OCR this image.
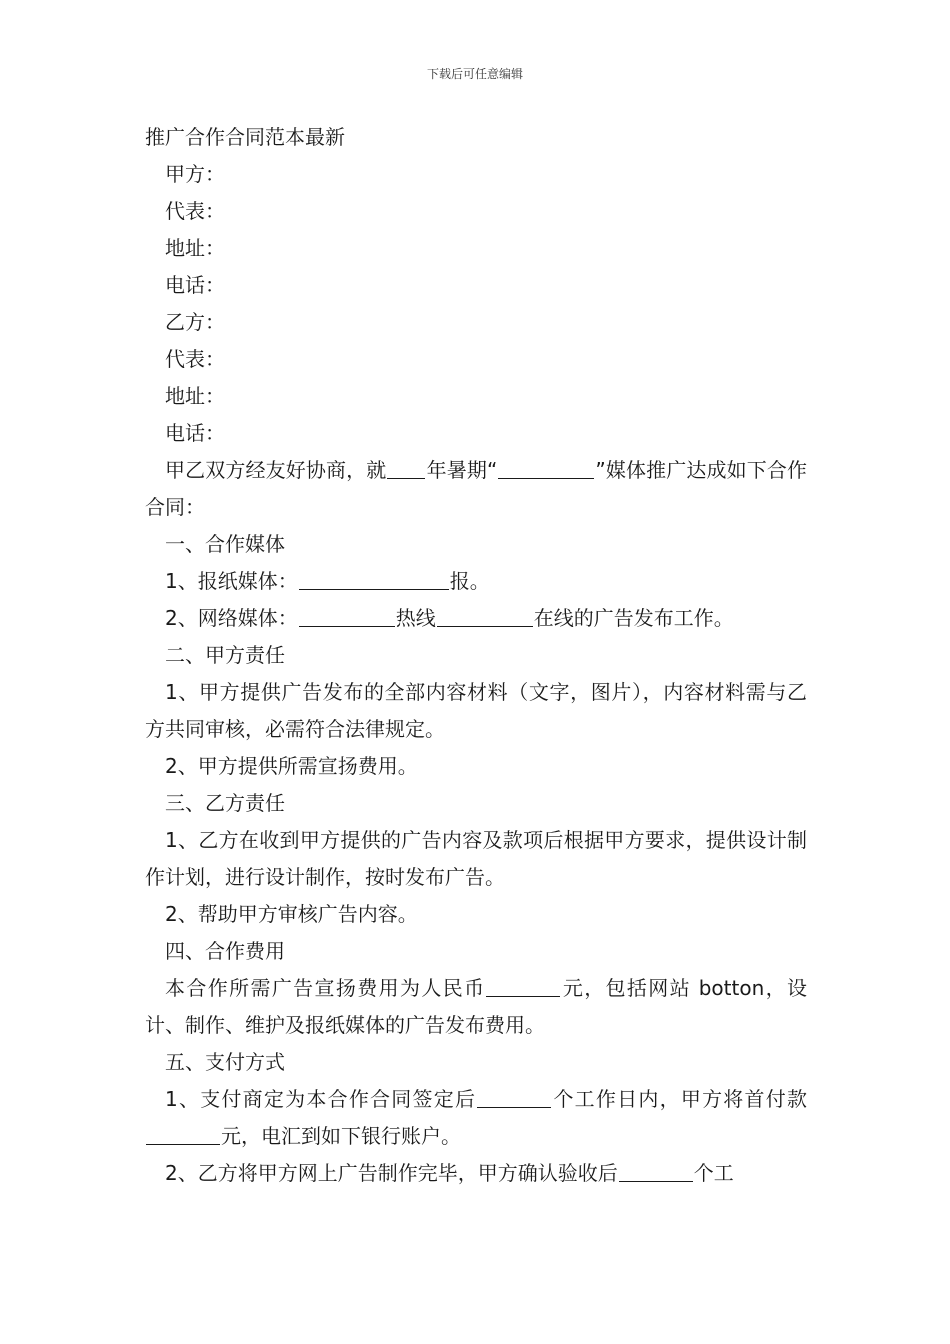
下载后可任意编辑

推广合作合同范本最新

甲方：

代表：

地址：

电话：

乙方：

代表：

地址：

电话：

甲乙双方经友好协商，就 年暑期“	”媒体推广达成如下合作合同：

一、合作媒体

1、报纸媒体：	报。

2、网络媒体：	热线	在线的广告发布工作。

二、甲方责任

1、甲方提供广告发布的全部内容材料（文字，图片），内容材料需与乙方共同审核，必需符合法律规定。

2、甲方提供所需宣扬费用。

三、乙方责任

1、乙方在收到甲方提供的广告内容及款项后根据甲方要求，提供设计制作计划，进行设计制作，按时发布广告。

2、帮助甲方审核广告内容。

四、合作费用

本合作所需广告宣扬费用为人民币	元，包括网站 botton，设计、制作、维护及报纸媒体的广告发布费用。

五、支付方式

1、支付商定为本合作合同签定后	个工作日内，甲方将首付款元，电汇到如下银行账户。

2、乙方将甲方网上广告制作完毕，甲方确认验收后	个工
